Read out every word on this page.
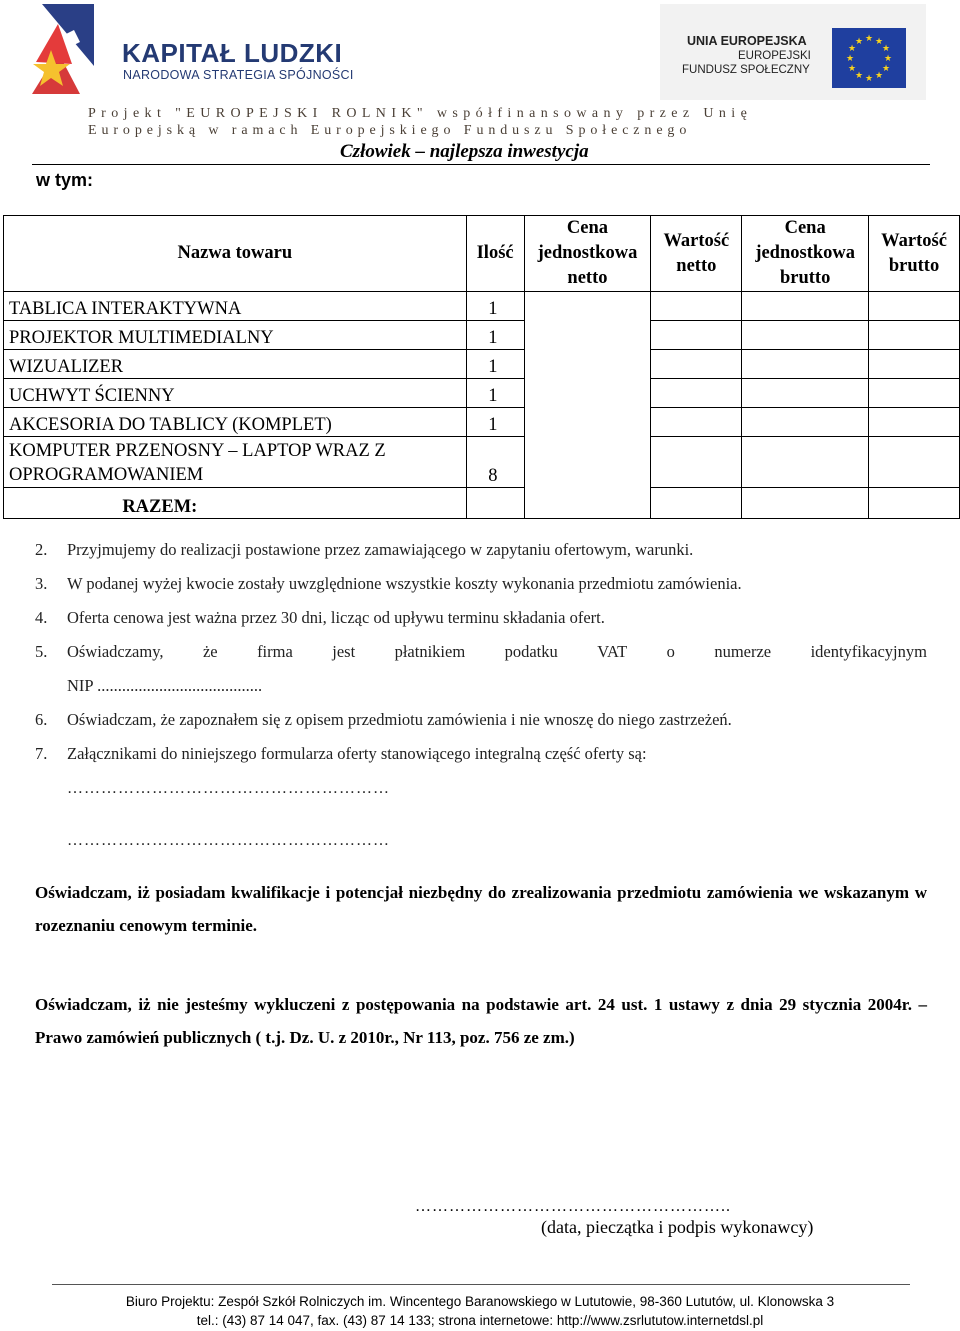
KAPITAŁ LUDZKI
NARODOWA STRATEGIA SPÓJNOŚCI
UNIA EUROPEJSKA
EUROPEJSKI
FUNDUSZ SPOŁECZNY
★ ★
★
★
★
★
★
★
★
★
★
★
Projekt "EUROPEJSKI ROLNIK" współfinansowany przez Unię
Europejską w ramach Europejskiego Funduszu Społecznego
Człowiek – najlepsza inwestycja
w tym:
Nazwa towaru	Ilość	Cena jednostkowa netto	Wartość netto	Cena jednostkowa brutto	Wartość brutto
TABLICA INTERAKTYWNA	1				
PROJEKTOR MULTIMEDIALNY	1				
WIZUALIZER	1				
UCHWYT ŚCIENNY	1				
AKCESORIA DO TABLICY (KOMPLET)	1				
KOMPUTER PRZENOSNY – LAPTOP WRAZ Z OPROGRAMOWANIEM	8				
RAZEM:					
2. Przyjmujemy do realizacji postawione przez zamawiającego w zapytaniu ofertowym, warunki.
3. W podanej wyżej kwocie zostały uwzględnione wszystkie koszty wykonania przedmiotu zamówienia.
4. Oferta cenowa jest ważna przez 30 dni, licząc od upływu terminu składania ofert.
5. Oświadczamy, że firma jest płatnikiem podatku VAT o numerze identyfikacyjnym
NIP ........................................
6. Oświadczam, że zapoznałem się z opisem przedmiotu zamówienia i nie wnoszę do niego zastrzeżeń.
7. Załącznikami do niniejszego formularza oferty stanowiącego integralną część oferty są:
…………………………………………………
…………………………………………………
Oświadczam, iż posiadam kwalifikacje i potencjał niezbędny do zrealizowania przedmiotu zamówienia we wskazanym w rozeznaniu cenowym terminie.
Oświadczam, iż nie jesteśmy wykluczeni z postępowania na podstawie art. 24 ust. 1 ustawy z dnia 29 stycznia 2004r. – Prawo zamówień publicznych ( t.j. Dz. U. z 2010r., Nr 113, poz. 756 ze zm.)
………………………………………………..
(data, pieczątka i podpis wykonawcy)
Biuro Projektu: Zespół Szkół Rolniczych im. Wincentego Baranowskiego w Lututowie, 98-360 Lututów, ul. Klonowska 3
tel.: (43) 87 14 047, fax. (43) 87 14 133; strona internetowe: http://www.zsrlututow.internetdsl.pl
